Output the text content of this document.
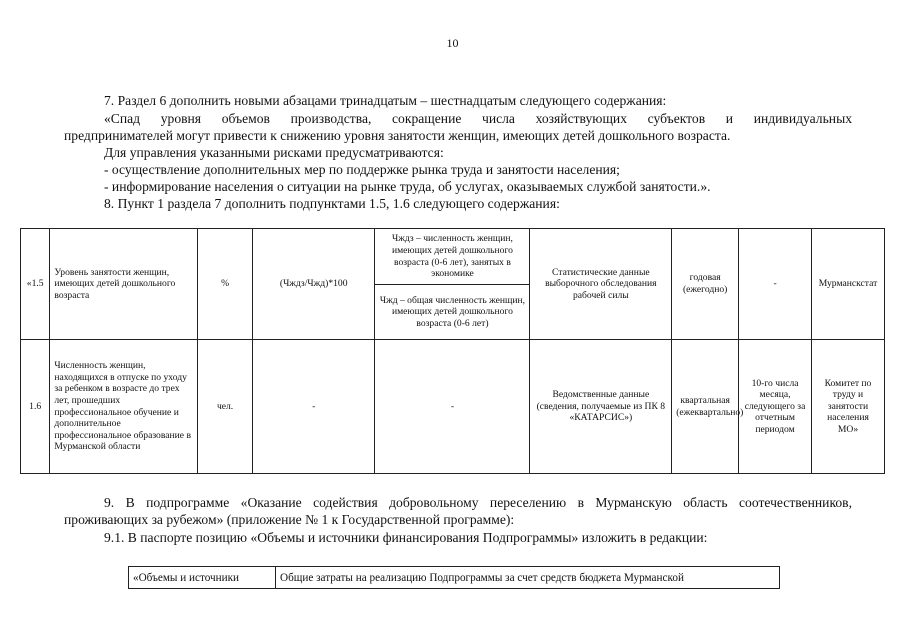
10
7. Раздел 6 дополнить новыми абзацами тринадцатым – шестнадцатым следующего содержания:
«Спад уровня объемов производства, сокращение числа хозяйствующих субъектов и индивидуальных
предпринимателей могут привести к снижению уровня занятости женщин, имеющих детей дошкольного возраста.
Для управления указанными рисками предусматриваются:
- осуществление дополнительных мер по поддержке рынка труда и занятости населения;
- информирование населения о ситуации на рынке труда, об услугах, оказываемых службой занятости.».
8. Пункт 1 раздела 7 дополнить подпунктами 1.5, 1.6 следующего содержания:
«1.5	Уровень занятости женщин, имеющих детей дошкольного возраста	%	(Чждз/Чжд)*100	Чждз – численность женщин, имеющих детей дошкольного возраста (0-6 лет), занятых в экономике	Статистические данные выборочного обследования рабочей силы	годовая (ежегодно)	-	Мурманскстат
				Чжд – общая численность женщин, имеющих детей дошкольного возраста (0-6 лет)				
1.6	Численность женщин, находящихся в отпуске по уходу за ребенком в возрасте до трех лет, прошедших профессиональное обучение и дополнительное профессиональное образование в Мурманской области	чел.	-	-	Ведомственные данные (сведения, получаемые из ПК 8 «КАТАРСИС»)	квартальная (ежеквартально)	10-го числа месяца, следующего за отчетным периодом	Комитет по труду и занятости населения МО»
9. В подпрограмме «Оказание содействия добровольному переселению в Мурманскую область соотечественников,
проживающих за рубежом» (приложение № 1 к Государственной программе):
9.1. В паспорте позицию «Объемы и источники финансирования Подпрограммы» изложить в редакции:
«Объемы и источники	Общие затраты на реализацию Подпрограммы за счет средств бюджета Мурманской
